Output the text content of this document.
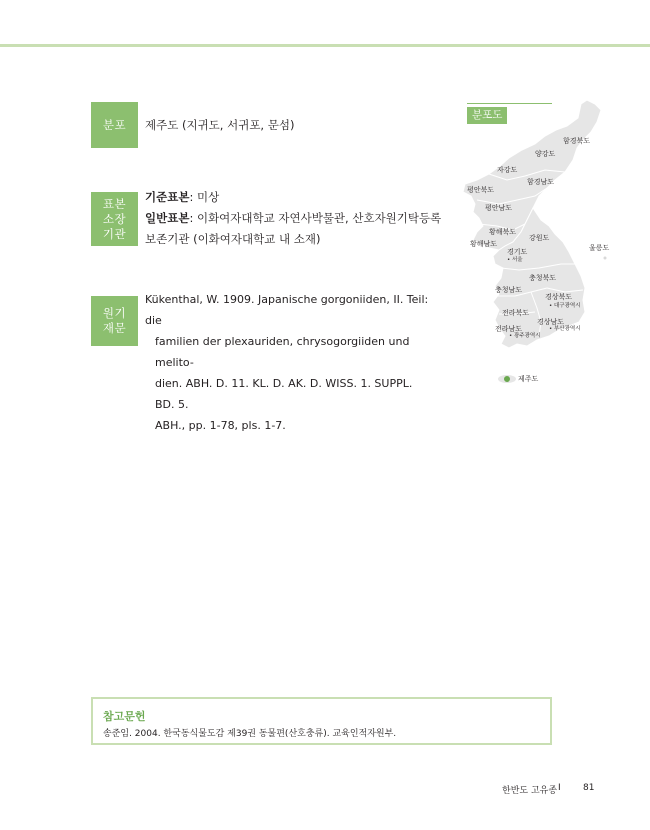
분포 제주도 (지귀도, 서귀포, 문섬)
표본
소장
기관
기준표본: 미상
일반표본: 이화여자대학교 자연사박물관, 산호자원기탁등록
보존기관 (이화여자대학교 내 소재)
원기
재문
Kükenthal, W. 1909. Japanische gorgoniiden, II. Teil: die
familien der plexauriden, chrysogorgiiden und melito-
dien. ABH. D. 11. KL. D. AK. D. WISS. 1. SUPPL. BD. 5.
ABH., pp. 1-78, pls. 1-7.
분포도
함경북도
양강도
자강도
함경남도
평안북도
평안남도
황해북도
황해남도
강원도
경기도
• 서울
울릉도
충청북도
충청남도
경상북도
• 대구광역시
전라북도
경상남도
전라남도	• 부산광역시
• 광주광역시
제주도
참고문헌
송준임. 2004. 한국동식물도감 제39권 동물편(산호충류). 교육인적자원부.
한반도 고유종 I 81
